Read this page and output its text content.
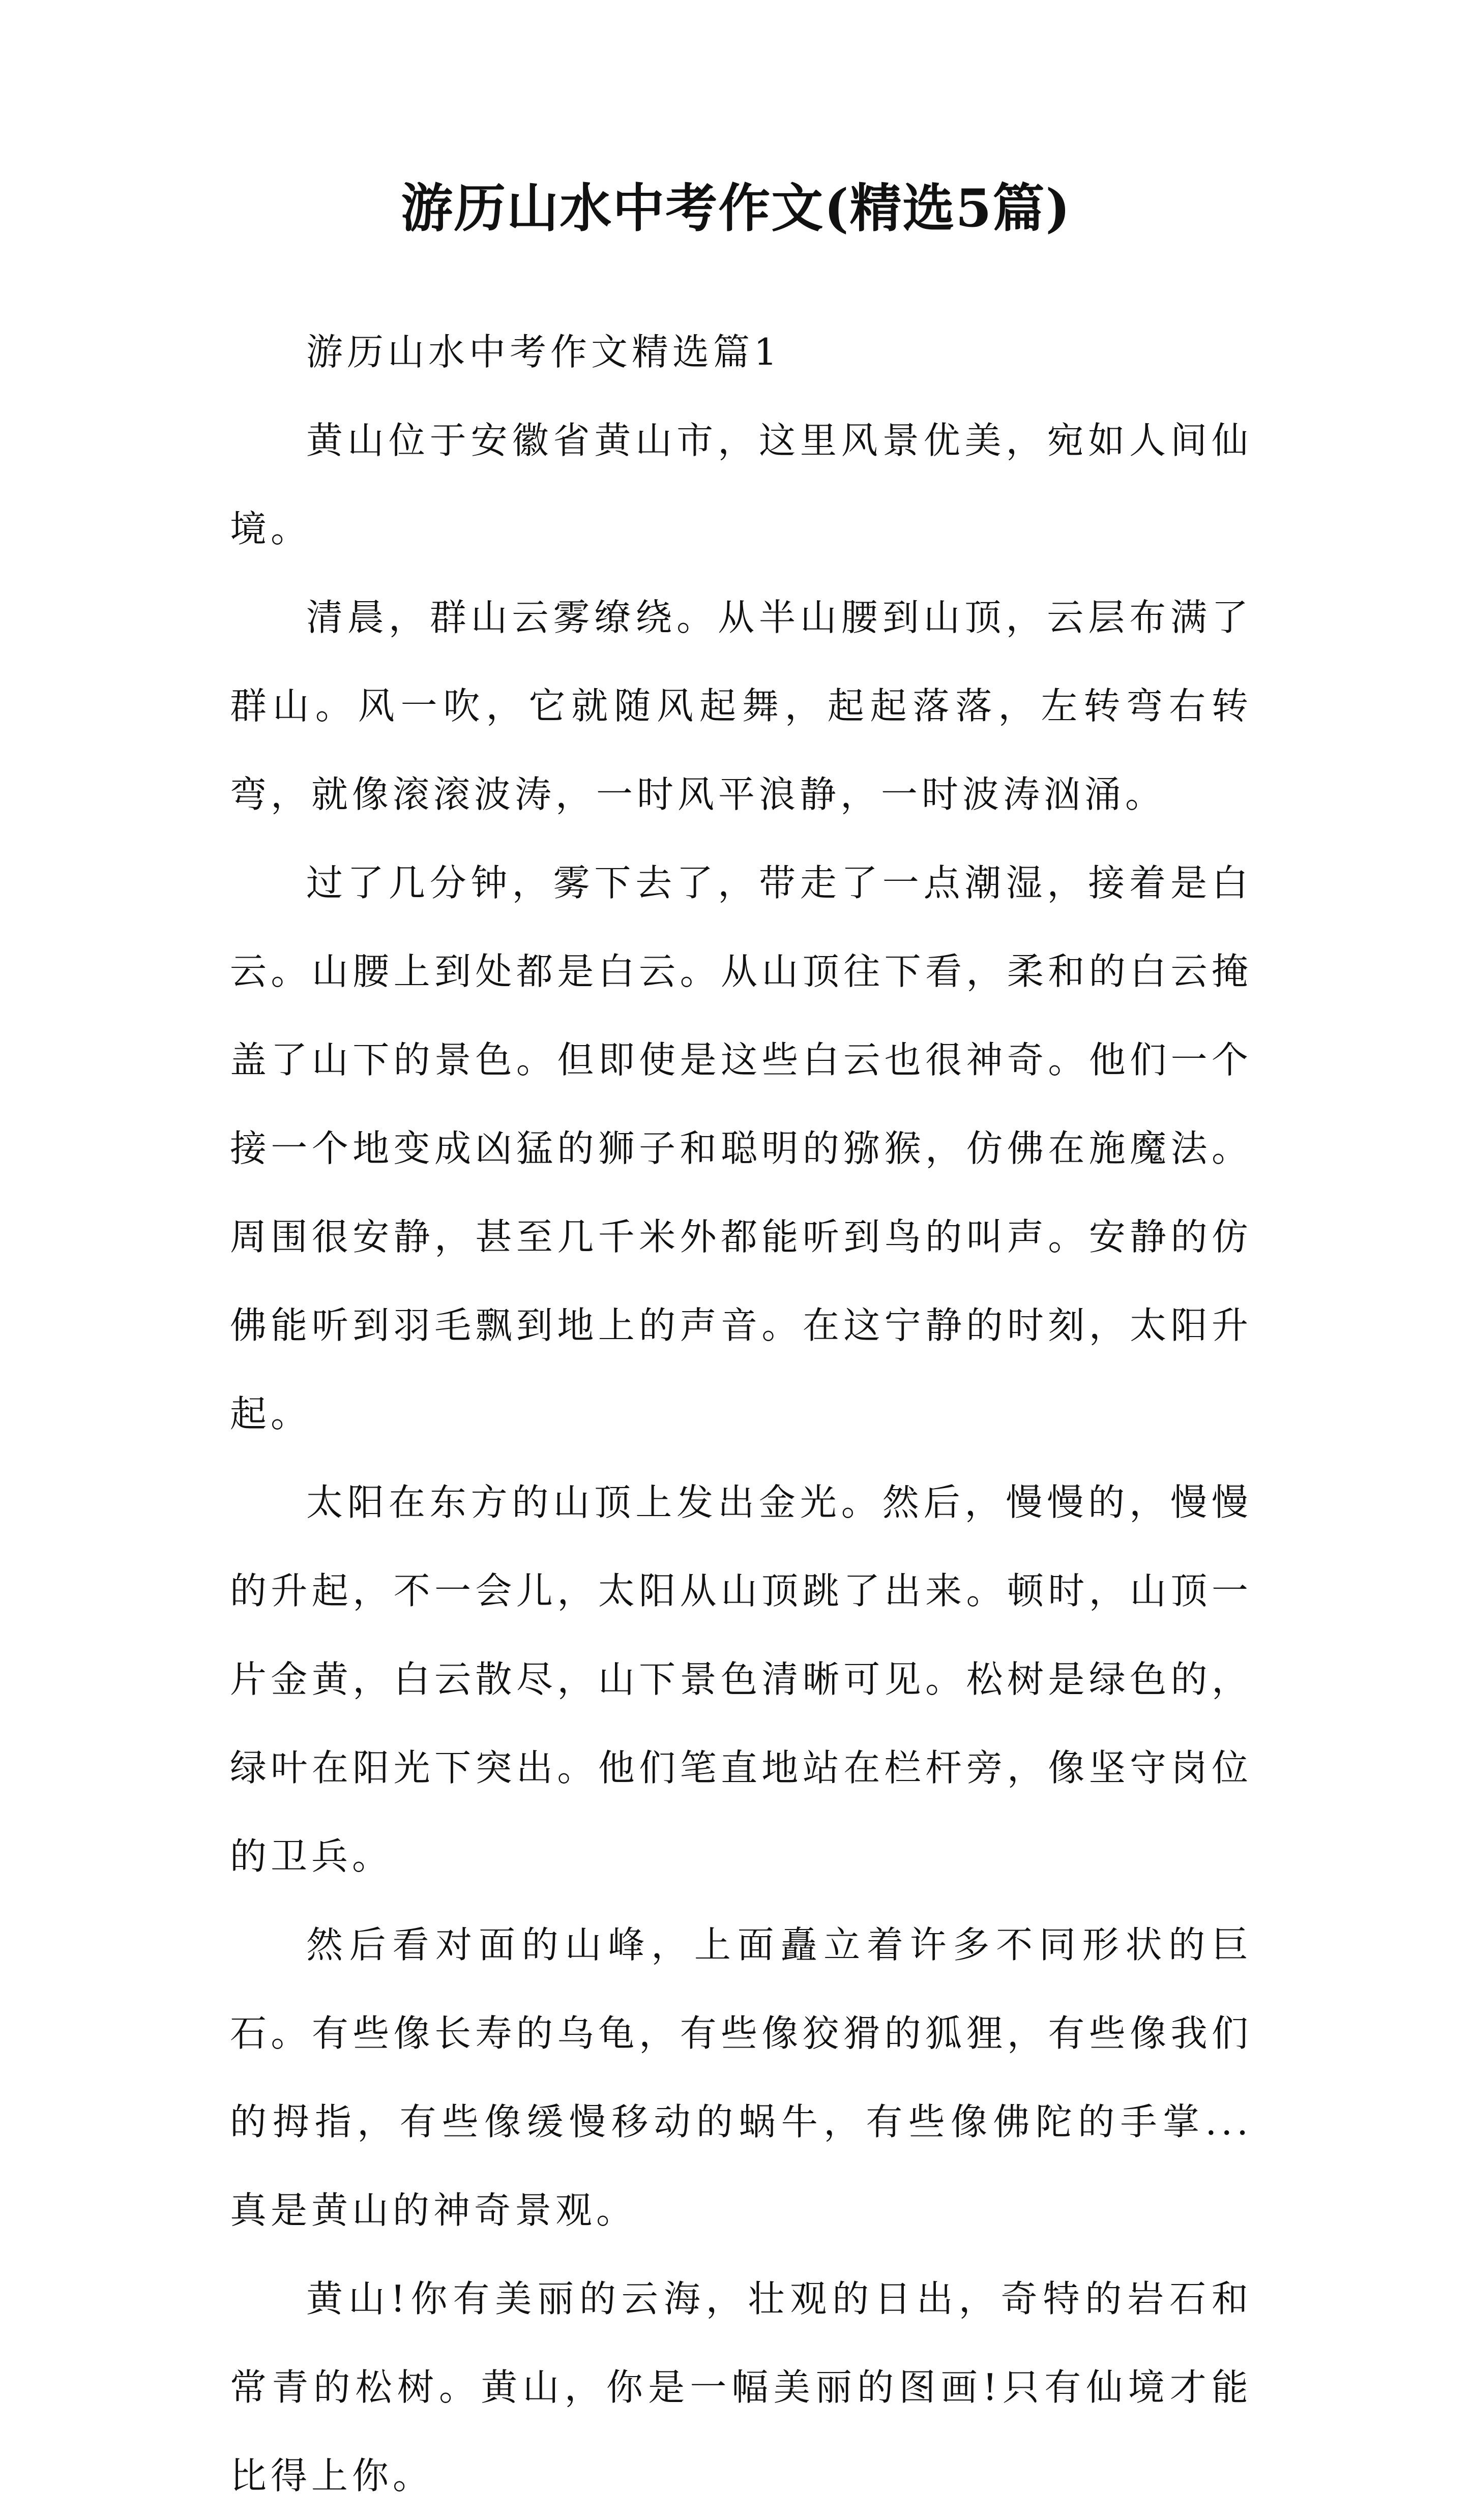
游历山水中考作文(精选5篇)

游历山水中考作文精选篇1

黄山位于安徽省黄山市，这里风景优美，宛如人间仙境。

清晨，群山云雾缭绕。从半山腰到山顶，云层布满了群山。风一吹，它就随风起舞，起起落落，左转弯右转弯，就像滚滚波涛，一时风平浪静，一时波涛汹涌。

过了几分钟，雾下去了，带走了一点潮湿，接着是白云。山腰上到处都是白云。从山顶往下看，柔和的白云掩盖了山下的景色。但即使是这些白云也很神奇。他们一个接一个地变成凶猛的狮子和聪明的猕猴，仿佛在施魔法。周围很安静，甚至几千米外都能听到鸟的叫声。安静的仿佛能听到羽毛飘到地上的声音。在这宁静的时刻，太阳升起。

太阳在东方的山顶上发出金光。然后，慢慢的，慢慢的升起，不一会儿，太阳从山顶跳了出来。顿时，山顶一片金黄，白云散尽，山下景色清晰可见。松树是绿色的，绿叶在阳光下突出。他们笔直地站在栏杆旁，像坚守岗位的卫兵。

然后看对面的山峰，上面矗立着许多不同形状的巨石。有些像长寿的乌龟，有些像狡猾的狐狸，有些像我们的拇指，有些像缓慢移动的蜗牛，有些像佛陀的手掌...真是黄山的神奇景观。

黄山!你有美丽的云海，壮观的日出，奇特的岩石和常青的松树。黄山，你是一幅美丽的图画!只有仙境才能比得上你。
